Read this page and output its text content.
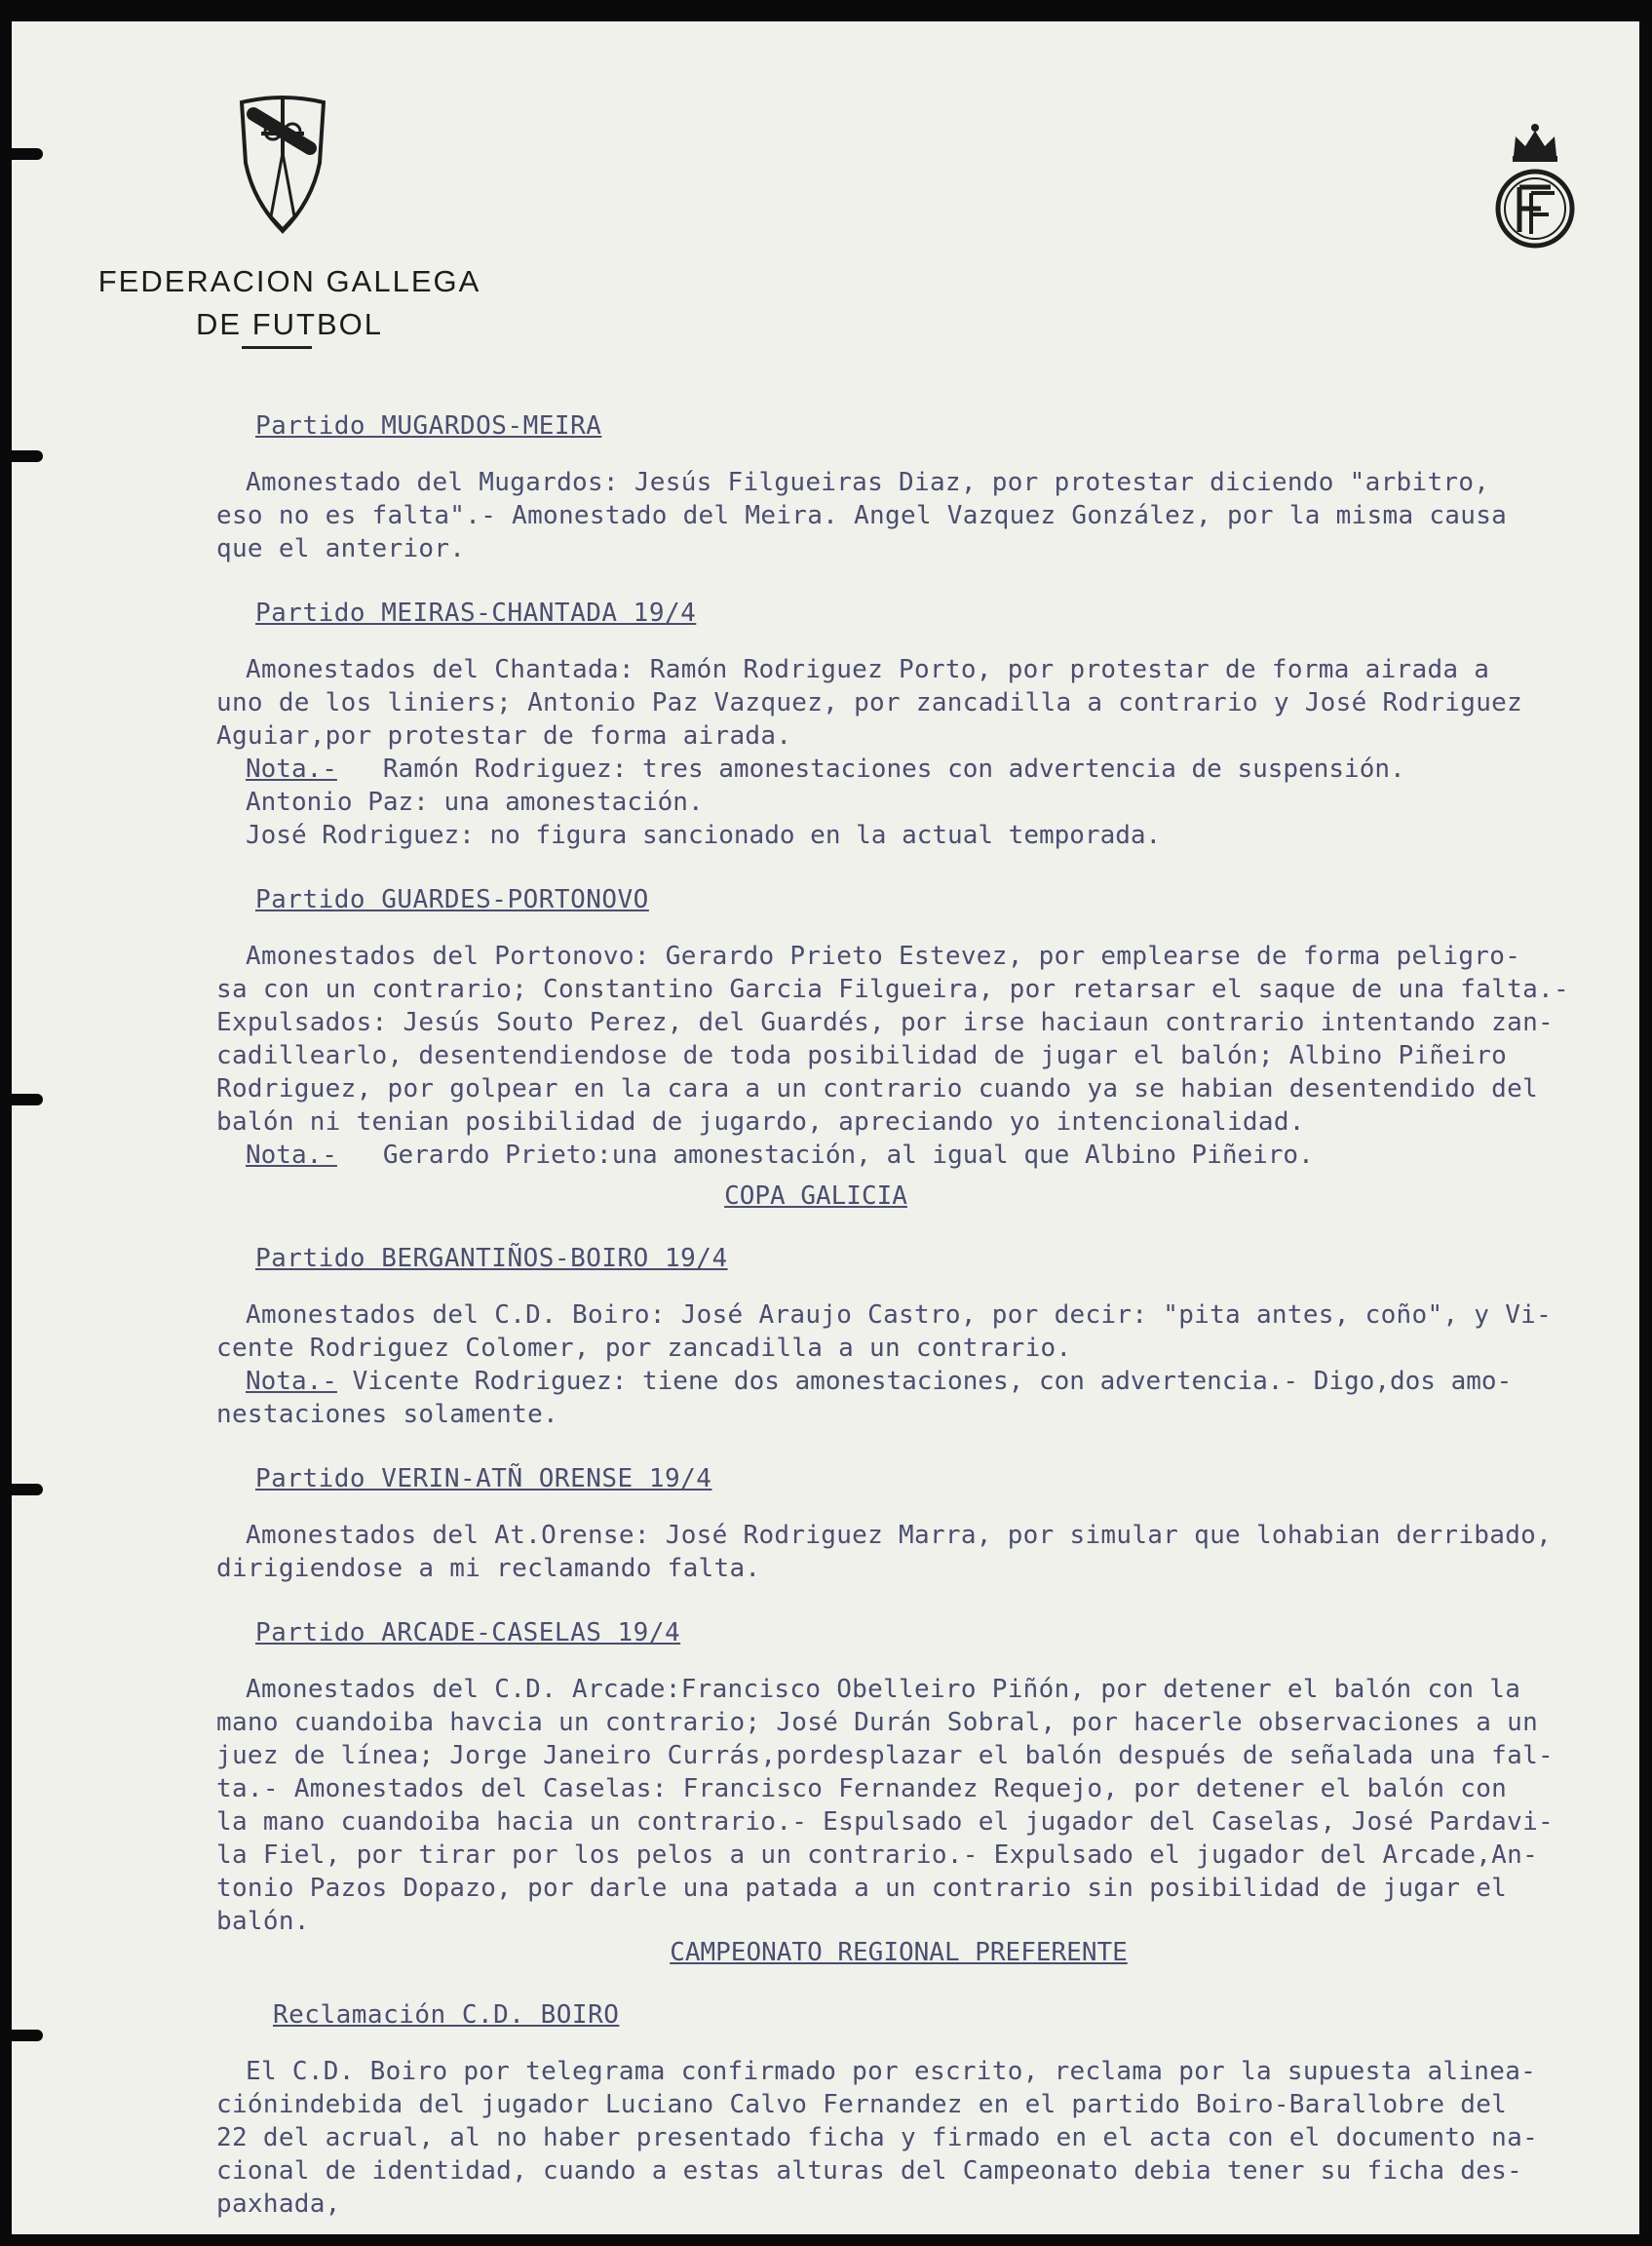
FEDERACION GALLEGA
DE FUTBOL

Partido MUGARDOS-MEIRA

Amonestado del Mugardos: Jesús Filgueiras Diaz, por protestar diciendo "arbitro,

eso no es falta".- Amonestado del Meira. Angel Vazquez González, por la misma causa

que el anterior.

Partido MEIRAS-CHANTADA 19/4

Amonestados del Chantada: Ramón Rodriguez Porto, por protestar de forma airada a

uno de los liniers; Antonio Paz Vazquez, por zancadilla a contrario y José Rodriguez

Aguiar,por protestar de forma airada.

Nota.- Ramón Rodriguez: tres amonestaciones con advertencia de suspensión.

Antonio Paz: una amonestación.

José Rodriguez: no figura sancionado en la actual temporada.

Partido GUARDES-PORTONOVO

Amonestados del Portonovo: Gerardo Prieto Estevez, por emplearse de forma peligro-

sa con un contrario; Constantino Garcia Filgueira, por retarsar el saque de una falta.-

Expulsados: Jesús Souto Perez, del Guardés, por irse haciaun contrario intentando zan-

cadillearlo, desentendiendose de toda posibilidad de jugar el balón; Albino Piñeiro

Rodriguez, por golpear en la cara a un contrario cuando ya se habian desentendido del

balón ni tenian posibilidad de jugardo, apreciando yo intencionalidad.

Nota.- Gerardo Prieto:una amonestación, al igual que Albino Piñeiro.

COPA GALICIA

Partido BERGANTIÑOS-BOIRO 19/4

Amonestados del C.D. Boiro: José Araujo Castro, por decir: "pita antes, coño", y Vi-

cente Rodriguez Colomer, por zancadilla a un contrario.

Nota.- Vicente Rodriguez: tiene dos amonestaciones, con advertencia.- Digo,dos amo-

nestaciones solamente.

Partido VERIN-ATÑ ORENSE 19/4

Amonestados del At.Orense: José Rodriguez Marra, por simular que lohabian derribado,

dirigiendose a mi reclamando falta.

Partido ARCADE-CASELAS 19/4

Amonestados del C.D. Arcade:Francisco Obelleiro Piñón, por detener el balón con la

mano cuandoiba havcia un contrario; José Durán Sobral, por hacerle observaciones a un

juez de línea; Jorge Janeiro Currás,pordesplazar el balón después de señalada una fal-

ta.- Amonestados del Caselas: Francisco Fernandez Requejo, por detener el balón con

la mano cuandoiba hacia un contrario.- Espulsado el jugador del Caselas, José Pardavi-

la Fiel, por tirar por los pelos a un contrario.- Expulsado el jugador del Arcade,An-

tonio Pazos Dopazo, por darle una patada a un contrario sin posibilidad de jugar el

balón.

CAMPEONATO REGIONAL PREFERENTE

Reclamación C.D. BOIRO

El C.D. Boiro por telegrama confirmado por escrito, reclama por la supuesta alinea-

ciónindebida del jugador Luciano Calvo Fernandez en el partido Boiro-Barallobre del

22 del acrual, al no haber presentado ficha y firmado en el acta con el documento na-

cional de identidad, cuando a estas alturas del Campeonato debia tener su ficha des-

paxhada,
